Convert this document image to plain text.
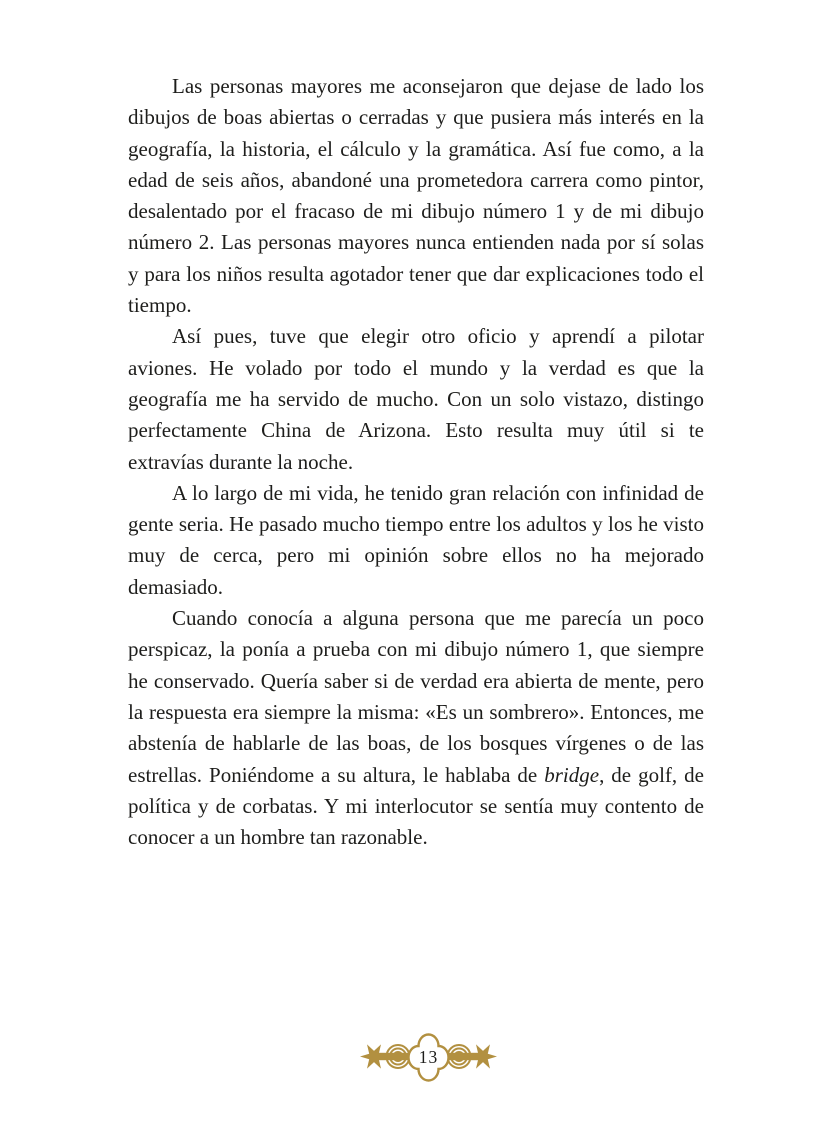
Las personas mayores me aconsejaron que dejase de lado los dibujos de boas abiertas o cerradas y que pusiera más interés en la geografía, la historia, el cálculo y la gramática. Así fue como, a la edad de seis años, abandoné una prometedora carrera como pintor, desalentado por el fracaso de mi dibujo número 1 y de mi dibujo número 2. Las personas mayores nunca entienden nada por sí solas y para los niños resulta agotador tener que dar explicaciones todo el tiempo.

Así pues, tuve que elegir otro oficio y aprendí a pilotar aviones. He volado por todo el mundo y la verdad es que la geografía me ha servido de mucho. Con un solo vistazo, distingo perfectamente China de Arizona. Esto resulta muy útil si te extravías durante la noche.

A lo largo de mi vida, he tenido gran relación con infinidad de gente seria. He pasado mucho tiempo entre los adultos y los he visto muy de cerca, pero mi opinión sobre ellos no ha mejorado demasiado.

Cuando conocía a alguna persona que me parecía un poco perspicaz, la ponía a prueba con mi dibujo número 1, que siempre he conservado. Quería saber si de verdad era abierta de mente, pero la respuesta era siempre la misma: «Es un sombrero». Entonces, me abstenía de hablarle de las boas, de los bosques vírgenes o de las estrellas. Poniéndome a su altura, le hablaba de bridge, de golf, de política y de corbatas. Y mi interlocutor se sentía muy contento de conocer a un hombre tan razonable.

13
